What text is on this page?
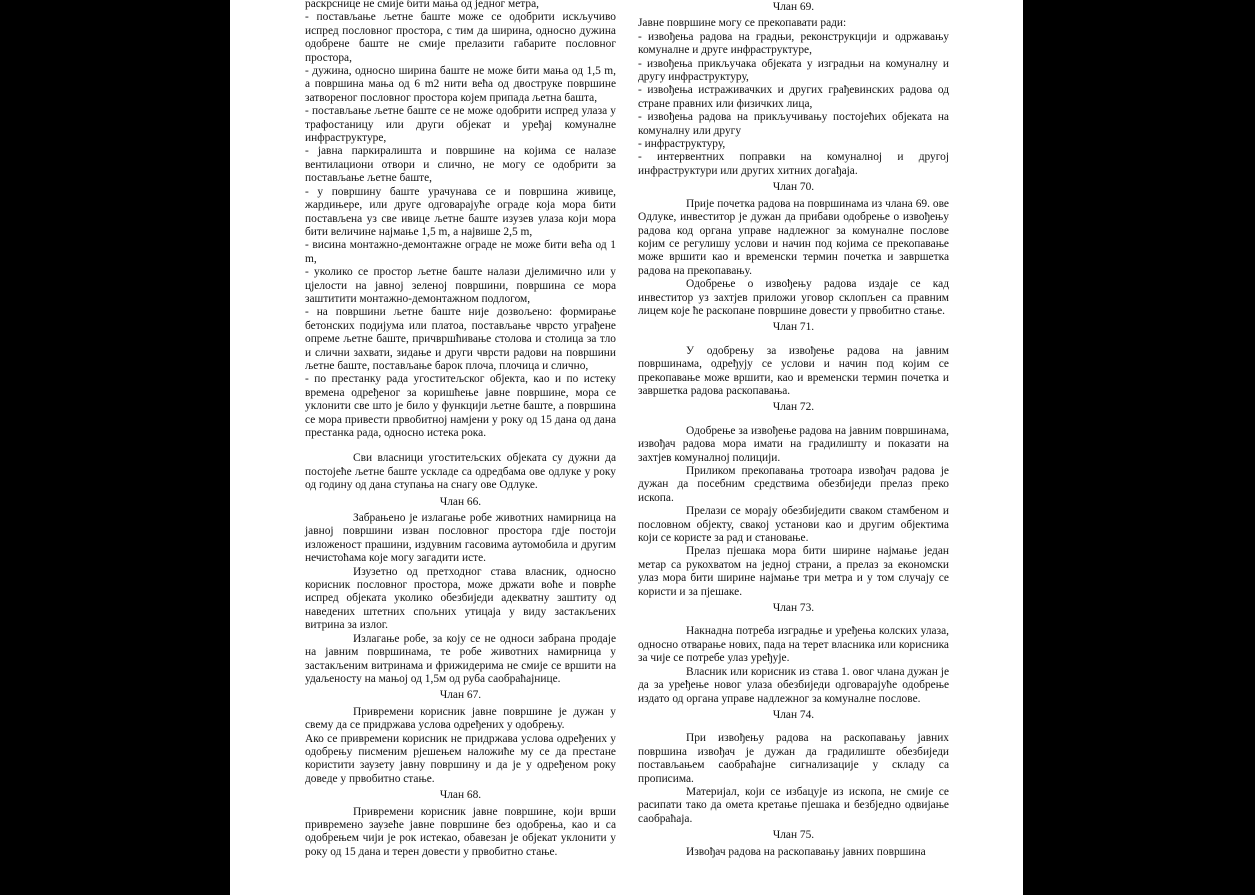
раскрснице не смије бити мања од једног метра,

- постављање љетне баште може се одобрити искључиво испред пословног простора, с тим да ширина, односно дужина одобрене баште не смије прелазити габарите пословног простора,

- дужина, односно ширина баште не може бити мања од 1,5 m, а површина мања од 6 m2 нити већа од двоструке површине затвореног пословног простора којем припада љетна башта,

- постављање љетне баште се не може одобрити испред улаза у трафостаницу или други објекат и уређај комуналне инфраструктуре,

- јавна паркиралишта и површине на којима се налазе вентилациони отвори и слично, не могу се одобрити за постављање љетне баште,

- у површину баште урачунава се и површина живице, жардињере, или друге одговарајуће ограде која мора бити постављена уз све ивице љетне баште изузев улаза који мора бити величине најмање 1,5 m, а највише 2,5 m,

- висина монтажно-демонтажне ограде не може бити већа од 1 m,

- уколико се простор љетне баште налази дјелимично или у цјелости на јавној зеленој површини, површина се мора заштитити монтажно-демонтажном подлогом,

- на површини љетне баште није дозвољено: формирање бетонских подијума или платоа, постављање чврсто уграђене опреме љетне баште, причвршћивање столова и столица за тло и слични захвати, зидање и други чврсти радови на површини љетне баште, постављање барок плоча, плочица и слично,

- по престанку рада угоститељског објекта, као и по истеку времена одређеног за коришћење јавне површине, мора се уклонити све што је било у функцији љетне баште, а површина се мора привести првобитној намјени у року од 15 дана од дана престанка рада, односно истека рока.

Сви власници угоститељских објеката су дужни да постојеће љетне баште ускладе са одредбама ове одлуке у року од годину од дана ступања на снагу ове Одлуке.

Члан 66.

Забрањено је излагање робе животних намирница на јавној површини изван пословног простора гдје постоји изложеност прашини, издувним гасовима аутомобила и другим нечистоћама које могу загадити исте.

Изузетно од претходног става власник, односно корисник пословног простора, може држати воће и поврће испред објеката уколико обезбиједи адекватну заштиту од наведених штетних спољних утицаја у виду застакљених витрина за излог.

Излагање робе, за коју се не односи забрана продаје на јавним површинама, те робе животних намирница у застакљеним витринама и фрижидерима не смије се вршити на удаљеносту на мањој од 1,5м од руба саобраћајнице.

Члан 67.

Привремени корисник јавне површине је дужан у свему да се придржава услова одређених у одобрењу.

Ако се привремени корисник не придржава услова одређених у одобрењу писменим рјешењем наложиће му се да престане користити заузету јавну површину и да је у одређеном року доведе у првобитно стање.

Члан 68.

Привремени корисник јавне површине, који врши привремено заузеће јавне површине без одобрења, као и са одобрењем чији је рок истекао, обавезан је објекат уклонити у року од 15 дана и терен довести у првобитно стање.

Члан 69.

Јавне површине могу се прекопавати ради:

- извођења радова на градњи, реконструкцији и одржавању комуналне и друге инфраструктуре,

- извођења прикључака објеката у изградњи на комуналну и другу инфраструктуру,

- извођења истраживачких и других грађевинских радова од стране правних или физичких лица,

- извођења радова на прикључивању постојећих објеката на комуналну или другу

- инфраструктуру,

- интервентних поправки на комуналној и другој инфраструктури или других хитних догађаја.

Члан 70.

Прије почетка радова на површинама из члана 69. ове Одлуке, инвеститор је дужан да прибави одобрење о извођењу радова код органа управе надлежног за комуналне послове којим се регулишу услови и начин под којима се прекопавање може вршити као и временски термин почетка и завршетка радова на прекопавању.

Одобрење о извођењу радова издаје се кад инвеститор уз захтјев приложи уговор склопљен са правним лицем које ће раскопане површине довести у првобитно стање.

Члан 71.

У одобрењу за извођење радова на јавним површинама, одређују се услови и начин под којим се прекопавање може вршити, као и временски термин почетка и завршетка радова раскопавања.

Члан 72.

Одобрење за извођење радова на јавним површинама, извођач радова мора имати на градилишту и показати на захтјев комуналној полицији.

Приликом прекопавања тротоара извођач радова је дужан да посебним средствима обезбиједи прелаз преко ископа.

Прелази се морају обезбиједити сваком стамбеном и пословном објекту, свакој установи као и другим објектима који се користе за рад и становање.

Прелаз пјешака мора бити ширине најмање један метар са рукохватом на једној страни, а прелаз за економски улаз мора бити ширине најмање три метра и у том случају се користи и за пјешаке.

Члан 73.

Накнадна потреба изградње и уређења колских улаза, односно отварање нових, пада на терет власника или корисника за чије се потребе улаз уређује.

Власник или корисник из става 1. овог члана дужан је да за уређење новог улаза обезбиједи одговарајуће одобрење издато од органа управе надлежног за комуналне послове.

Члан 74.

При извођењу радова на раскопавању јавних површина извођач је дужан да градилиште обезбиједи постављањем саобраћајне сигнализације у складу са прописима.

Материјал, који се избацује из ископа, не смије се расипати тако да омета кретање пјешака и безбједно одвијање саобраћаја.

Члан 75.

Извођач радова на раскопавању јавних површина
